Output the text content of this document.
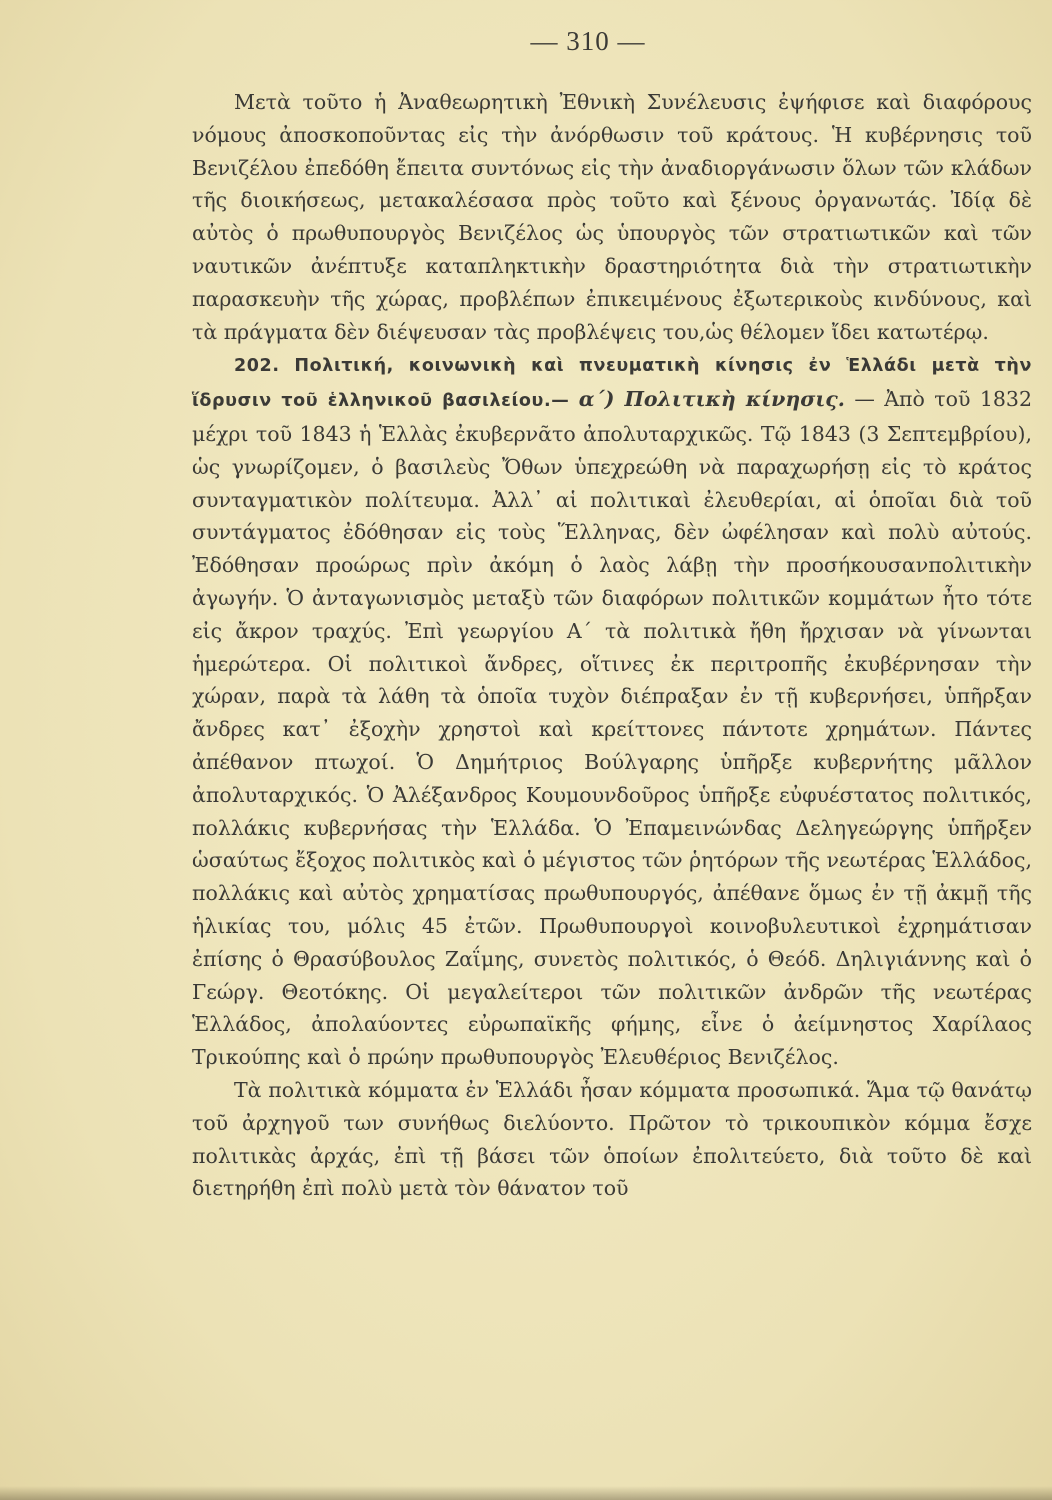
— 310 —

Μετὰ τοῦτο ἡ Ἀναθεωρητικὴ Ἐθνικὴ Συνέλευσις ἐψήφισε καὶ διαφόρους νόμους ἀποσκοποῦντας εἰς τὴν ἀνόρθωσιν τοῦ κράτους. Ἡ κυβέρνησις τοῦ Βενιζέλου ἐπεδόθη ἔπειτα συντόνως εἰς τὴν ἀναδιοργάνωσιν ὅλων τῶν κλάδων τῆς διοικήσεως, μετακαλέσασα πρὸς τοῦτο καὶ ξένους ὀργανωτάς. Ἰδίᾳ δὲ αὐτὸς ὁ πρωθυπουργὸς Βενιζέλος ὡς ὑπουργὸς τῶν στρατιωτικῶν καὶ τῶν ναυτικῶν ἀνέπτυξε καταπληκτικὴν δραστηριότητα διὰ τὴν στρατιωτικὴν παρασκευὴν τῆς χώρας, προβλέπων ἐπικειμένους ἐξωτερικοὺς κινδύνους, καὶ τὰ πράγματα δὲν διέψευσαν τὰς προβλέψεις του,ὡς θέλομεν ἴδει κατωτέρῳ.

202. Πολιτική, κοινωνικὴ καὶ πνευματικὴ κίνησις ἐν Ἑλλάδι μετὰ τὴν ἵδρυσιν τοῦ ἑλληνικοῦ βασιλείου.— α΄) Πολιτικὴ κίνησις. — Ἀπὸ τοῦ 1832 μέχρι τοῦ 1843 ἡ Ἑλλὰς ἐκυβερνᾶτο ἀπολυταρχικῶς. Τῷ 1843 (3 Σεπτεμβρίου), ὡς γνωρίζομεν, ὁ βασιλεὺς Ὄθων ὑπεχρεώθη νὰ παραχωρήσῃ εἰς τὸ κράτος συνταγματικὸν πολίτευμα. Ἀλλ᾽ αἱ πολιτικαὶ ἐλευθερίαι, αἱ ὁποῖαι διὰ τοῦ συντάγματος ἐδόθησαν εἰς τοὺς Ἕλληνας, δὲν ὠφέλησαν καὶ πολὺ αὐτούς. Ἐδόθησαν προώρως πρὶν ἀκόμη ὁ λαὸς λάβῃ τὴν προσήκουσανπολιτικὴν ἀγωγήν. Ὁ ἀνταγωνισμὸς μεταξὺ τῶν διαφόρων πολιτικῶν κομμάτων ἦτο τότε εἰς ἄκρον τραχύς. Ἐπὶ γεωργίου Α΄ τὰ πολιτικὰ ἤθη ἤρχισαν νὰ γίνωνται ἡμερώτερα. Οἱ πολιτικοὶ ἄνδρες, οἵτινες ἐκ περιτροπῆς ἐκυβέρνησαν τὴν χώραν, παρὰ τὰ λάθη τὰ ὁποῖα τυχὸν διέπραξαν ἐν τῇ κυβερνήσει, ὑπῆρξαν ἄνδρες κατ᾽ ἐξοχὴν χρηστοὶ καὶ κρείττονες πάντοτε χρημάτων. Πάντες ἀπέθανον πτωχοί. Ὁ Δημήτριος Βούλγαρης ὑπῆρξε κυβερνήτης μᾶλλον ἀπολυταρχικός. Ὁ Ἀλέξανδρος Κουμουνδοῦρος ὑπῆρξε εὐφυέστατος πολιτικός, πολλάκις κυβερνήσας τὴν Ἑλλάδα. Ὁ Ἐπαμεινώνδας Δεληγεώργης ὑπῆρξεν ὡσαύτως ἔξοχος πολιτικὸς καὶ ὁ μέγιστος τῶν ῥητόρων τῆς νεωτέρας Ἑλλάδος, πολλάκις καὶ αὐτὸς χρηματίσας πρωθυπουργός, ἀπέθανε ὅμως ἐν τῇ ἀκμῇ τῆς ἡλικίας του, μόλις 45 ἐτῶν. Πρωθυπουργοὶ κοινοβυλευτικοὶ ἐχρημάτισαν ἐπίσης ὁ Θρασύβουλος Ζαΐμης, συνετὸς πολιτικός, ὁ Θεόδ. Δηλιγιάννης καὶ ὁ Γεώργ. Θεοτόκης. Οἱ μεγαλείτεροι τῶν πολιτικῶν ἀνδρῶν τῆς νεωτέρας Ἑλλάδος, ἀπολαύοντες εὐρωπαϊκῆς φήμης, εἶνε ὁ ἀείμνηστος Χαρίλαος Τρικούπης καὶ ὁ πρώην πρωθυπουργὸς Ἐλευθέριος Βενιζέλος.

Τὰ πολιτικὰ κόμματα ἐν Ἑλλάδι ἦσαν κόμματα προσωπικά. Ἅμα τῷ θανάτῳ τοῦ ἀρχηγοῦ των συνήθως διελύοντο. Πρῶτον τὸ τρικουπικὸν κόμμα ἔσχε πολιτικὰς ἀρχάς, ἐπὶ τῇ βάσει τῶν ὁποίων ἐπολιτεύετο, διὰ τοῦτο δὲ καὶ διετηρήθη ἐπὶ πολὺ μετὰ τὸν θάνατον τοῦ
